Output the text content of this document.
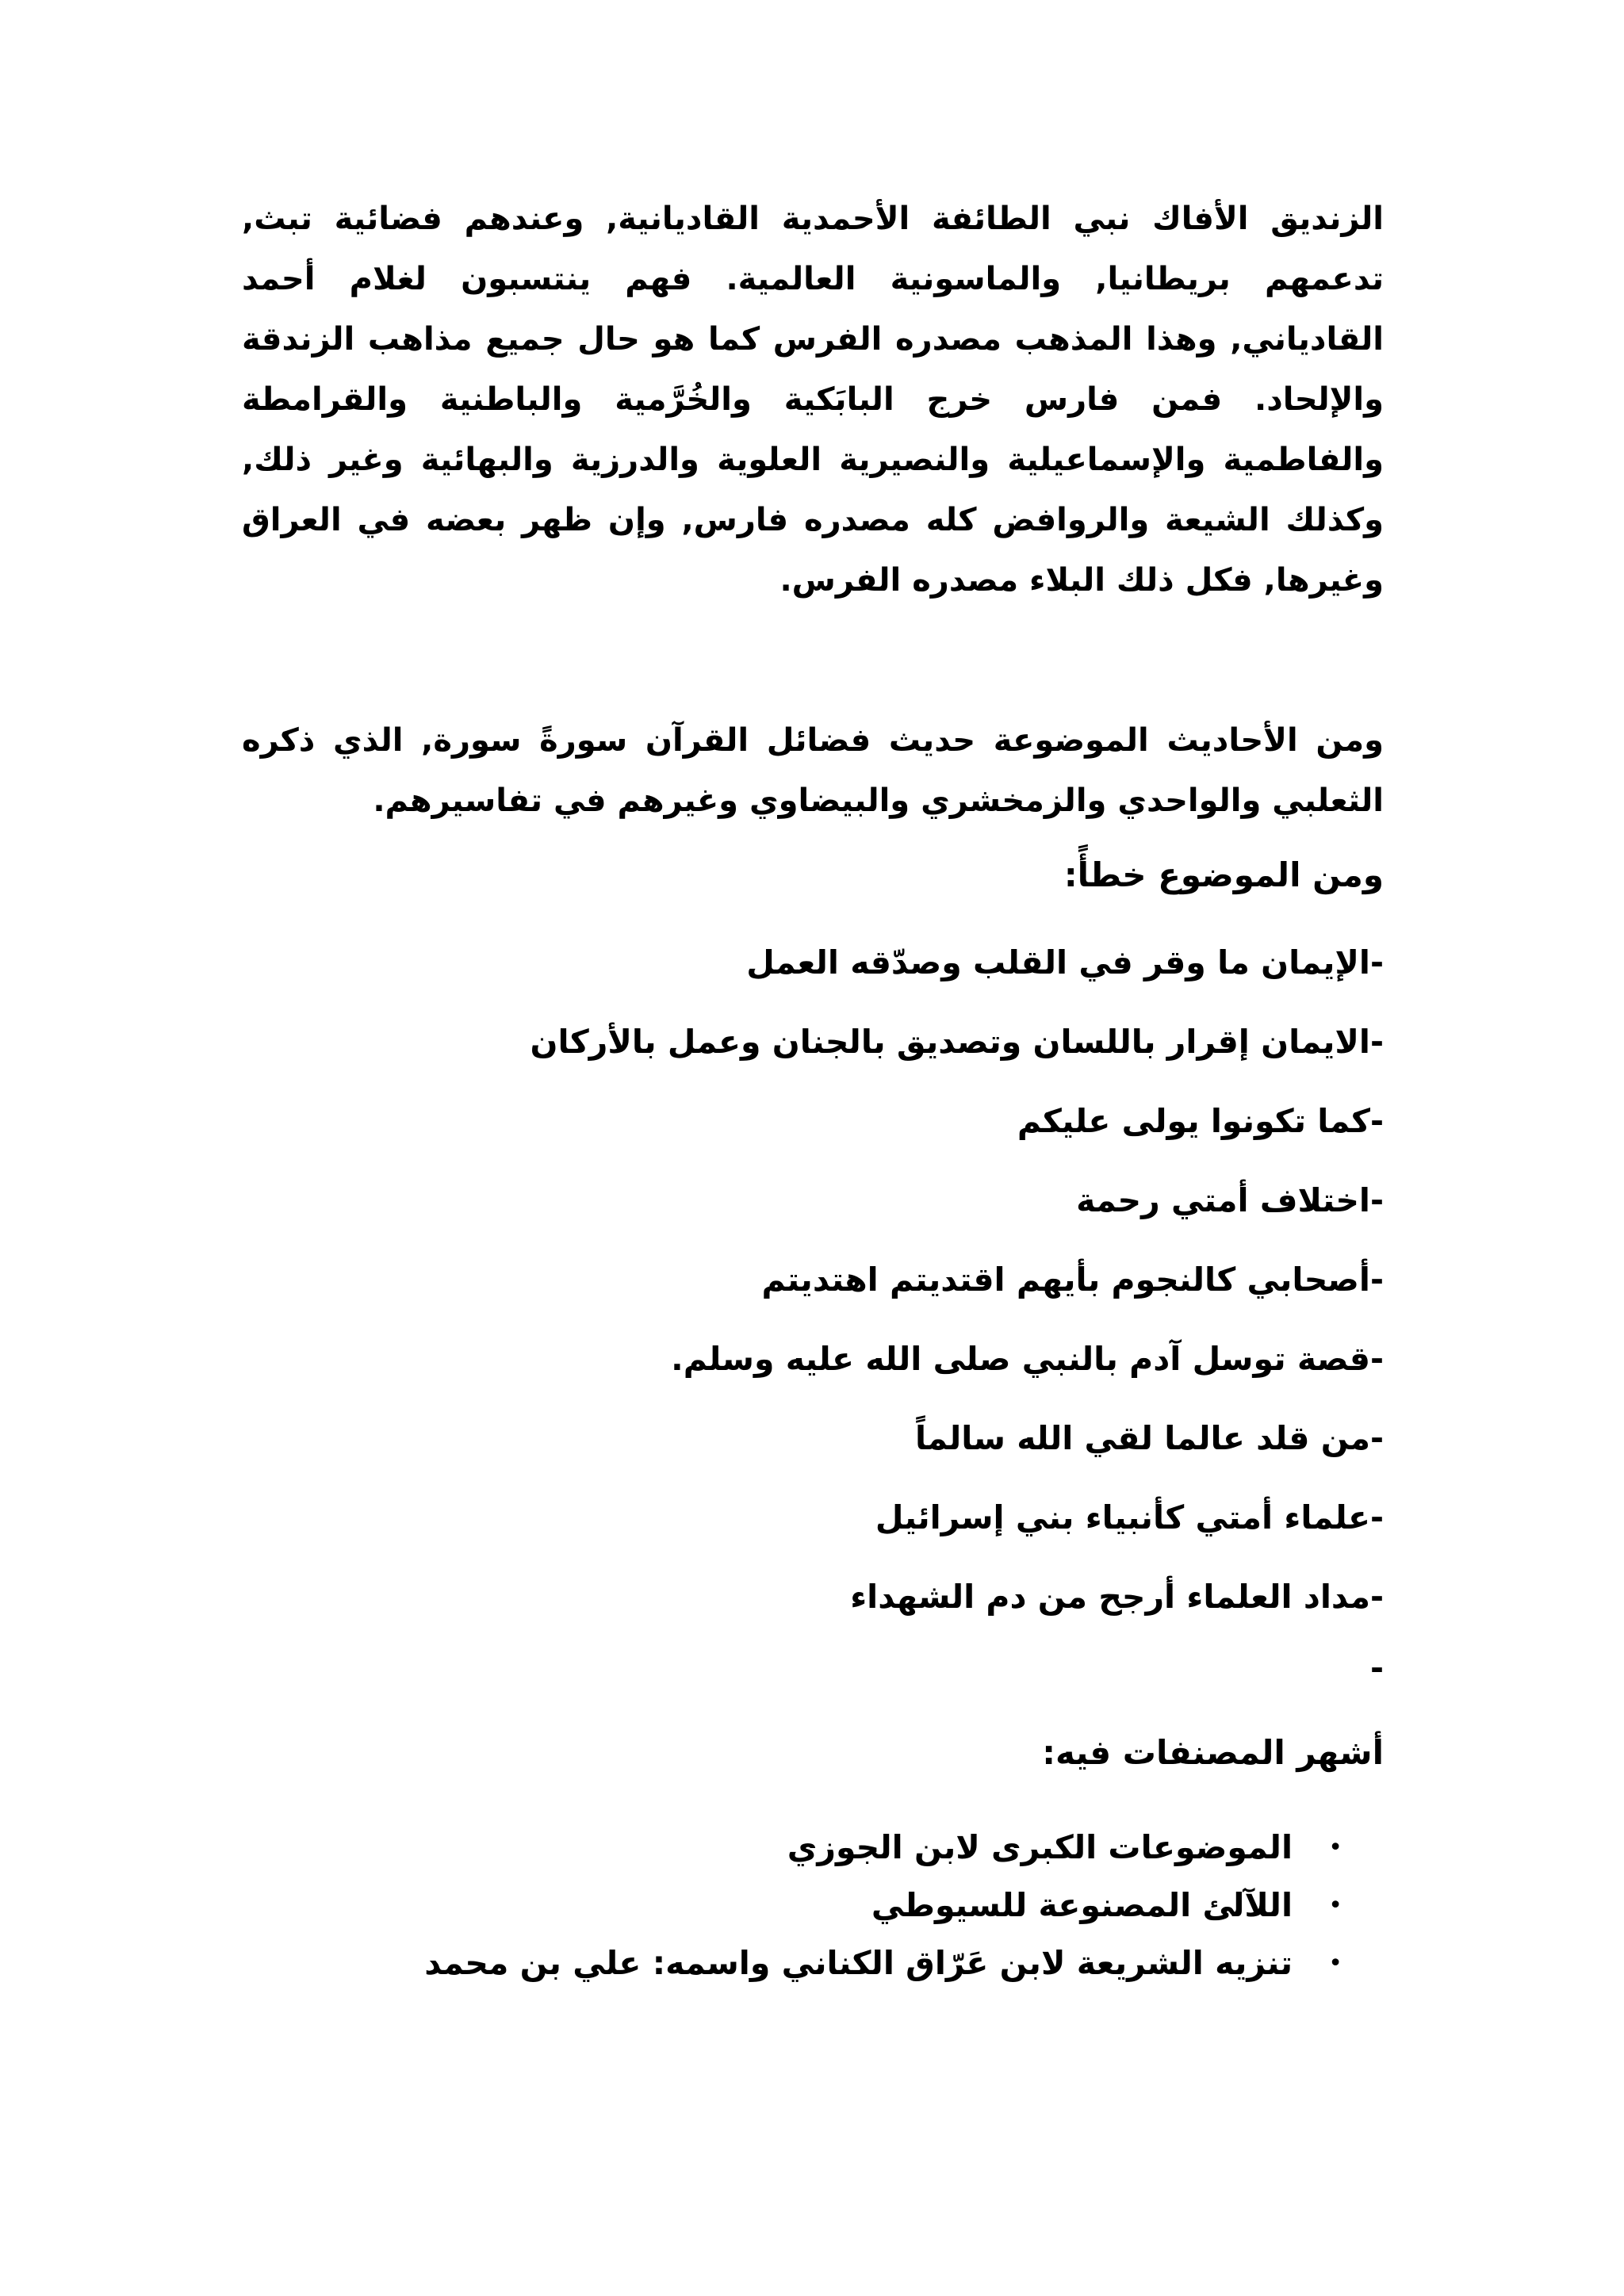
الزنديق الأفاك نبي الطائفة الأحمدية القاديانية, وعندهم فضائية تبث, تدعمهم بريطانيا, والماسونية العالمية. فهم ينتسبون لغلام أحمد القادياني, وهذا المذهب مصدره الفرس كما هو حال جميع مذاهب الزندقة والإلحاد. فمن فارس خرج البابَكية والخُرَّمية والباطنية والقرامطة والفاطمية والإسماعيلية والنصيرية العلوية والدرزية والبهائية وغير ذلك, وكذلك الشيعة والروافض كله مصدره فارس, وإن ظهر بعضه في العراق وغيرها, فكل ذلك البلاء مصدره الفرس.

ومن الأحاديث الموضوعة حديث فضائل القرآن سورةً سورة, الذي ذكره الثعلبي والواحدي والزمخشري والبيضاوي وغيرهم في تفاسيرهم.

ومن الموضوع خطأً:

-الإيمان ما وقر في القلب وصدّقه العمل
-الايمان إقرار باللسان وتصديق بالجنان وعمل بالأركان
-كما تكونوا يولى عليكم
-اختلاف أمتي رحمة
-أصحابي كالنجوم بأيهم اقتديتم اهتديتم
-قصة توسل آدم بالنبي صلى الله عليه وسلم.
-من قلد عالما لقي الله سالماً
-علماء أمتي كأنبياء بني إسرائيل
-مداد العلماء أرجح من دم الشهداء
-

أشهر المصنفات فيه:

•
الموضوعات الكبرى لابن الجوزي
•
اللآلئ المصنوعة للسيوطي
•
تنزيه الشريعة لابن عَرّاق الكناني واسمه: علي بن محمد
